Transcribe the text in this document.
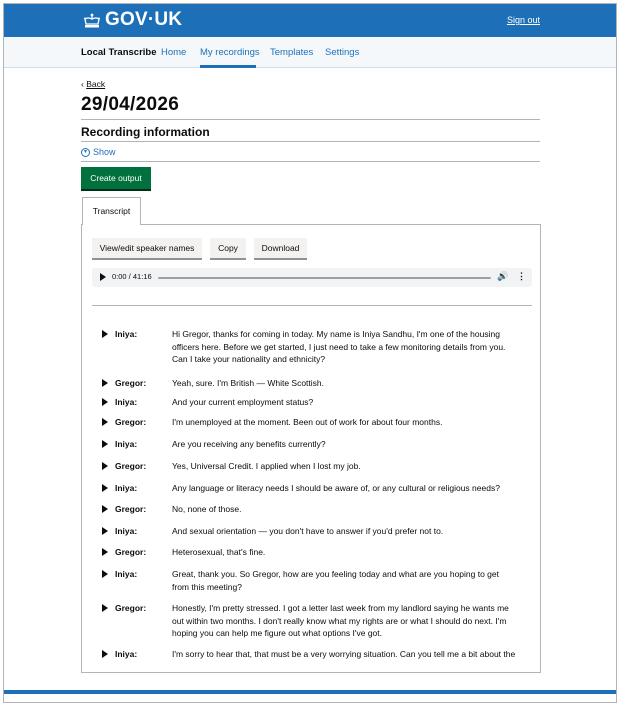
GOV·UK	Sign out
Local Transcribe Home My recordings Templates Settings
‹ Back
29/04/2026
Recording information
▼ Show
Create output
Transcript
View/edit speaker names	Copy	Download
0:00 / 41:16	🔊 ⋮
Iniya:	Hi Gregor, thanks for coming in today. My name is Iniya Sandhu, I'm one of the housing officers here. Before we get started, I just need to take a few monitoring details from you. Can I take your nationality and ethnicity?
Gregor:	Yeah, sure. I'm British — White Scottish.
Iniya:	And your current employment status?
Gregor:	I'm unemployed at the moment. Been out of work for about four months.
Iniya:	Are you receiving any benefits currently?
Gregor:	Yes, Universal Credit. I applied when I lost my job.
Iniya:	Any language or literacy needs I should be aware of, or any cultural or religious needs?
Gregor:	No, none of those.
Iniya:	And sexual orientation — you don't have to answer if you'd prefer not to.
Gregor:	Heterosexual, that's fine.
Iniya:	Great, thank you. So Gregor, how are you feeling today and what are you hoping to get from this meeting?
Gregor:	Honestly, I'm pretty stressed. I got a letter last week from my landlord saying he wants me out within two months. I don't really know what my rights are or what I should do next. I'm hoping you can help me figure out what options I've got.
Iniya:	I'm sorry to hear that, that must be a very worrying situation. Can you tell me a bit about the
